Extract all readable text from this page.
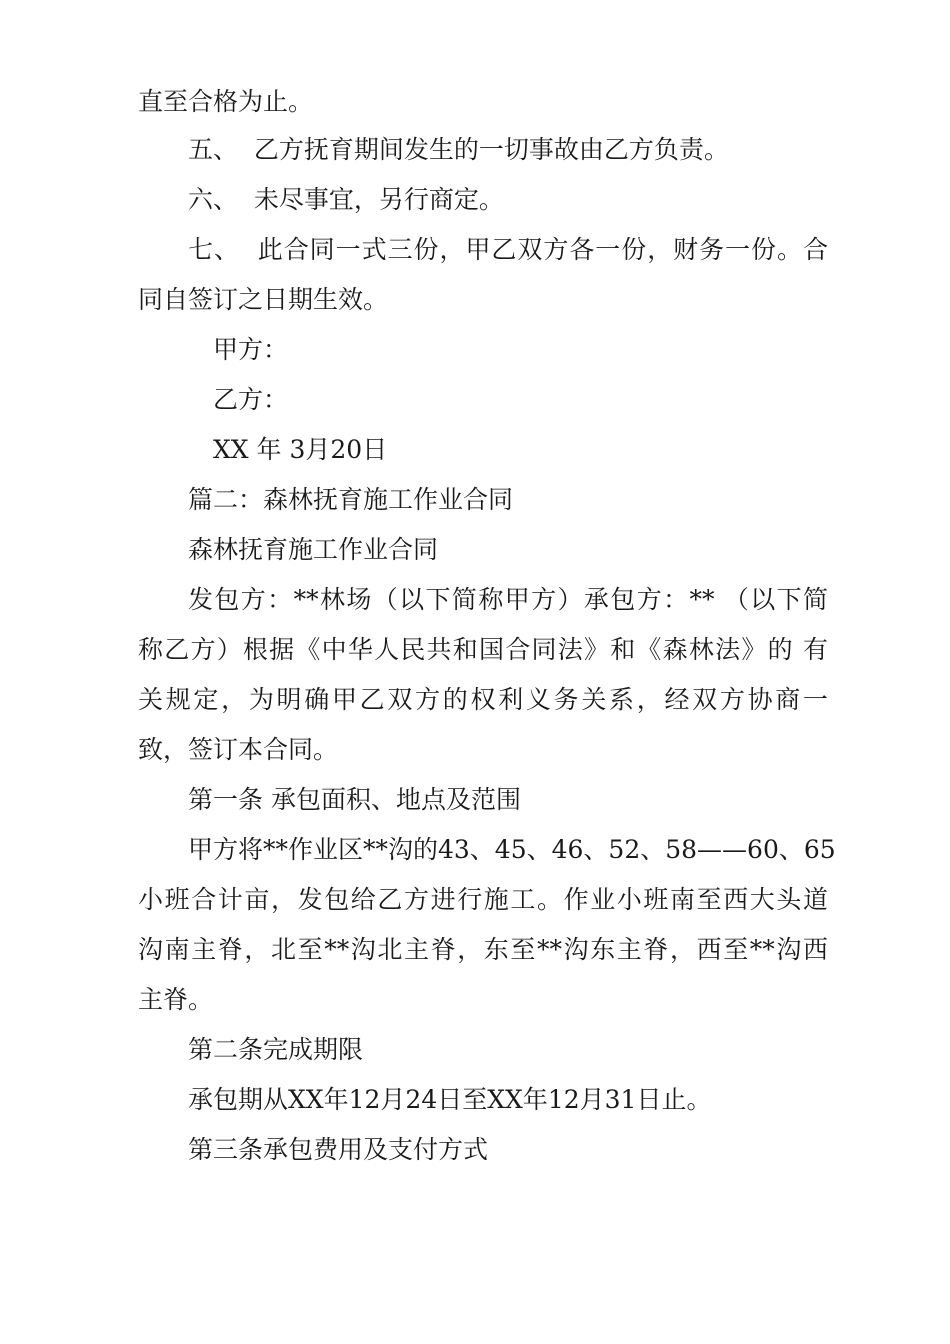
直至合格为止。
五、  乙方抚育期间发生的一切事故由乙方负责。
六、  未尽事宜，另行商定。
七、  此合同一式三份，甲乙双方各一份，财务一份。合
同自签订之日期生效。
甲方：
乙方：
XX 年 3月20日
篇二：森林抚育施工作业合同
森林抚育施工作业合同
发包方：**林场（以下简称甲方）承包方：** （以下简
称乙方）根据《中华人民共和国合同法》和《森林法》的 有
关规定，为明确甲乙双方的权利义务关系，经双方协商一
致，签订本合同。
第一条 承包面积、地点及范围
甲方将**作业区**沟的43、45、46、52、58——60、65
小班合计亩，发包给乙方进行施工。作业小班南至西大头道
沟南主脊，北至**沟北主脊，东至**沟东主脊，西至**沟西
主脊。
第二条完成期限
承包期从XX年12月24日至XX年12月31日止。
第三条承包费用及支付方式
